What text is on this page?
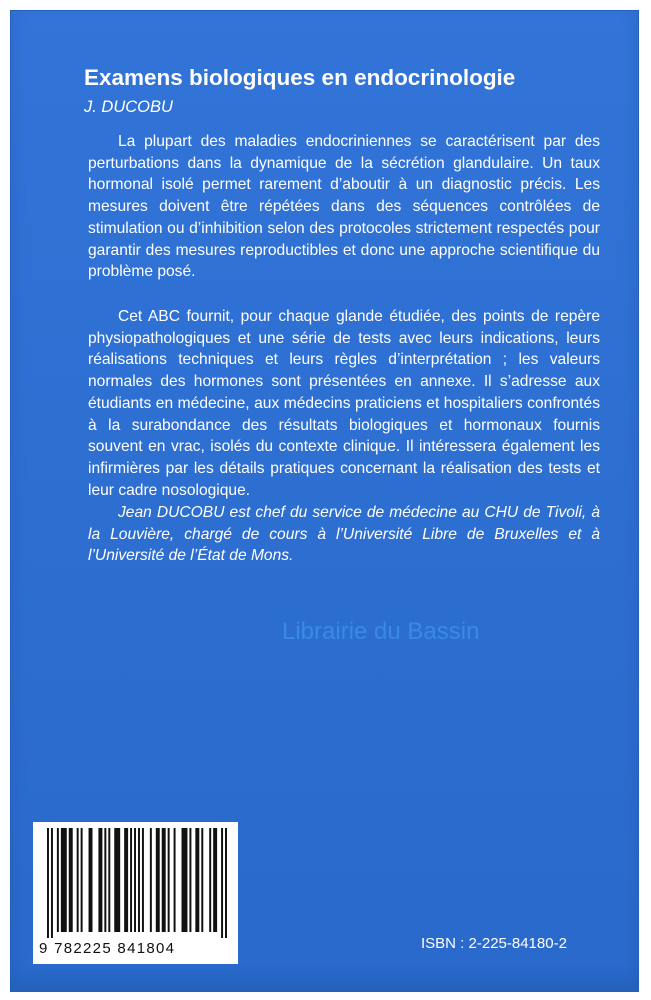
Examens biologiques en endocrinologie

J. DUCOBU

La plupart des maladies endocriniennes se caractérisent par des perturbations dans la dynamique de la sécrétion glandulaire. Un taux hormonal isolé permet rarement d’aboutir à un diagnostic précis. Les mesures doivent être répétées dans des séquences contrôlées de stimulation ou d’inhibition selon des protocoles strictement respectés pour garantir des mesures reproductibles et donc une approche scientifique du problème posé.

Cet ABC fournit, pour chaque glande étudiée, des points de repère physiopathologiques et une série de tests avec leurs indications, leurs réalisations techniques et leurs règles d’interprétation ; les valeurs normales des hormones sont présentées en annexe. Il s’adresse aux étudiants en médecine, aux médecins praticiens et hospitaliers confrontés à la surabondance des résultats biologiques et hormonaux fournis souvent en vrac, isolés du contexte clinique. Il intéressera également les infirmières par les détails pratiques concernant la réalisation des tests et leur cadre nosologique.

Jean DUCOBU est chef du service de médecine au CHU de Tivoli, à la Louvière, chargé de cours à l’Université Libre de Bruxelles et à l’Université de l’État de Mons.

Librairie du Bassin
9 782225 841804	ISBN : 2-225-84180-2
